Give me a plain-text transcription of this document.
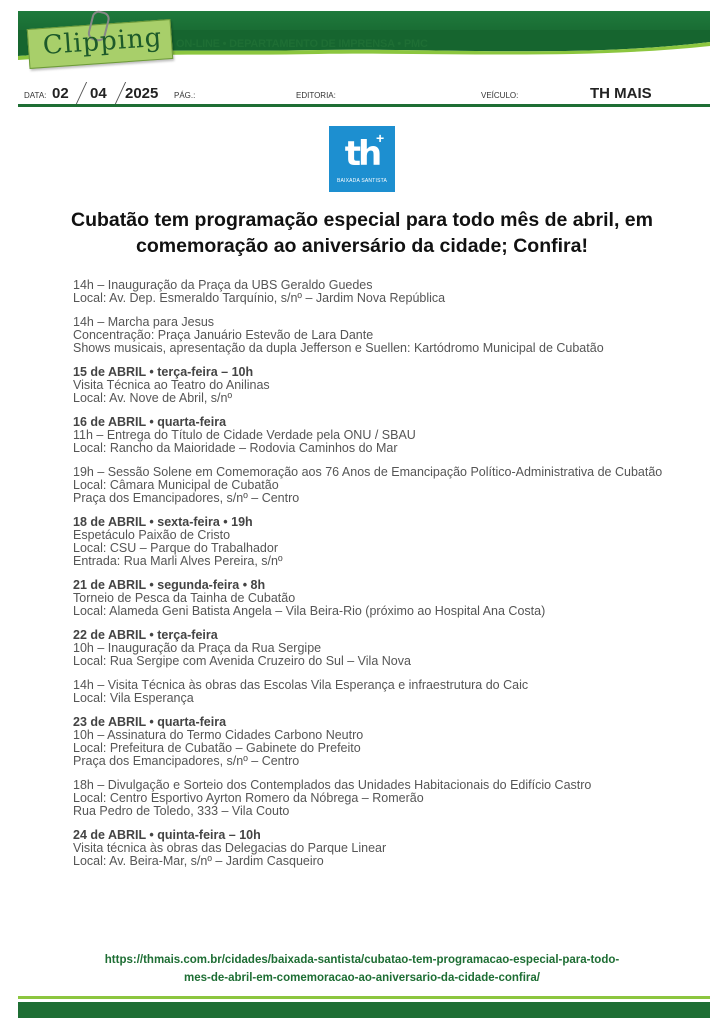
Clipping ON-LINE • DEPARTAMENTO DE IMPRENSA • PMC
DATA: 02 04 2025 PÁG.:	EDITORIA:	VEÍCULO:	TH MAIS
th
+
BAIXADA SANTISTA
Cubatão tem programação especial para todo mês de abril, em comemoração ao aniversário da cidade; Confira!
14h – Inauguração da Praça da UBS Geraldo Guedes
Local: Av. Dep. Esmeraldo Tarquínio, s/nº – Jardim Nova República
14h – Marcha para Jesus
Concentração: Praça Januário Estevão de Lara Dante
Shows musicais, apresentação da dupla Jefferson e Suellen: Kartódromo Municipal de Cubatão
15 de ABRIL • terça-feira – 10h
Visita Técnica ao Teatro do Anilinas
Local: Av. Nove de Abril, s/nº
16 de ABRIL • quarta-feira
11h – Entrega do Título de Cidade Verdade pela ONU / SBAU
Local: Rancho da Maioridade – Rodovia Caminhos do Mar
19h – Sessão Solene em Comemoração aos 76 Anos de Emancipação Político-Administrativa de Cubatão
Local: Câmara Municipal de Cubatão
Praça dos Emancipadores, s/nº – Centro
18 de ABRIL • sexta-feira • 19h
Espetáculo Paixão de Cristo
Local: CSU – Parque do Trabalhador
Entrada: Rua Marli Alves Pereira, s/nº
21 de ABRIL • segunda-feira • 8h
Torneio de Pesca da Tainha de Cubatão
Local: Alameda Geni Batista Angela – Vila Beira-Rio (próximo ao Hospital Ana Costa)
22 de ABRIL • terça-feira
10h – Inauguração da Praça da Rua Sergipe
Local: Rua Sergipe com Avenida Cruzeiro do Sul – Vila Nova
14h – Visita Técnica às obras das Escolas Vila Esperança e infraestrutura do Caic
Local: Vila Esperança
23 de ABRIL • quarta-feira
10h – Assinatura do Termo Cidades Carbono Neutro
Local: Prefeitura de Cubatão – Gabinete do Prefeito
Praça dos Emancipadores, s/nº – Centro
18h – Divulgação e Sorteio dos Contemplados das Unidades Habitacionais do Edifício Castro
Local: Centro Esportivo Ayrton Romero da Nóbrega – Romerão
Rua Pedro de Toledo, 333 – Vila Couto
24 de ABRIL • quinta-feira – 10h
Visita técnica às obras das Delegacias do Parque Linear
Local: Av. Beira-Mar, s/nº – Jardim Casqueiro
https://thmais.com.br/cidades/baixada-santista/cubatao-tem-programacao-especial-para-todo-
mes-de-abril-em-comemoracao-ao-aniversario-da-cidade-confira/
